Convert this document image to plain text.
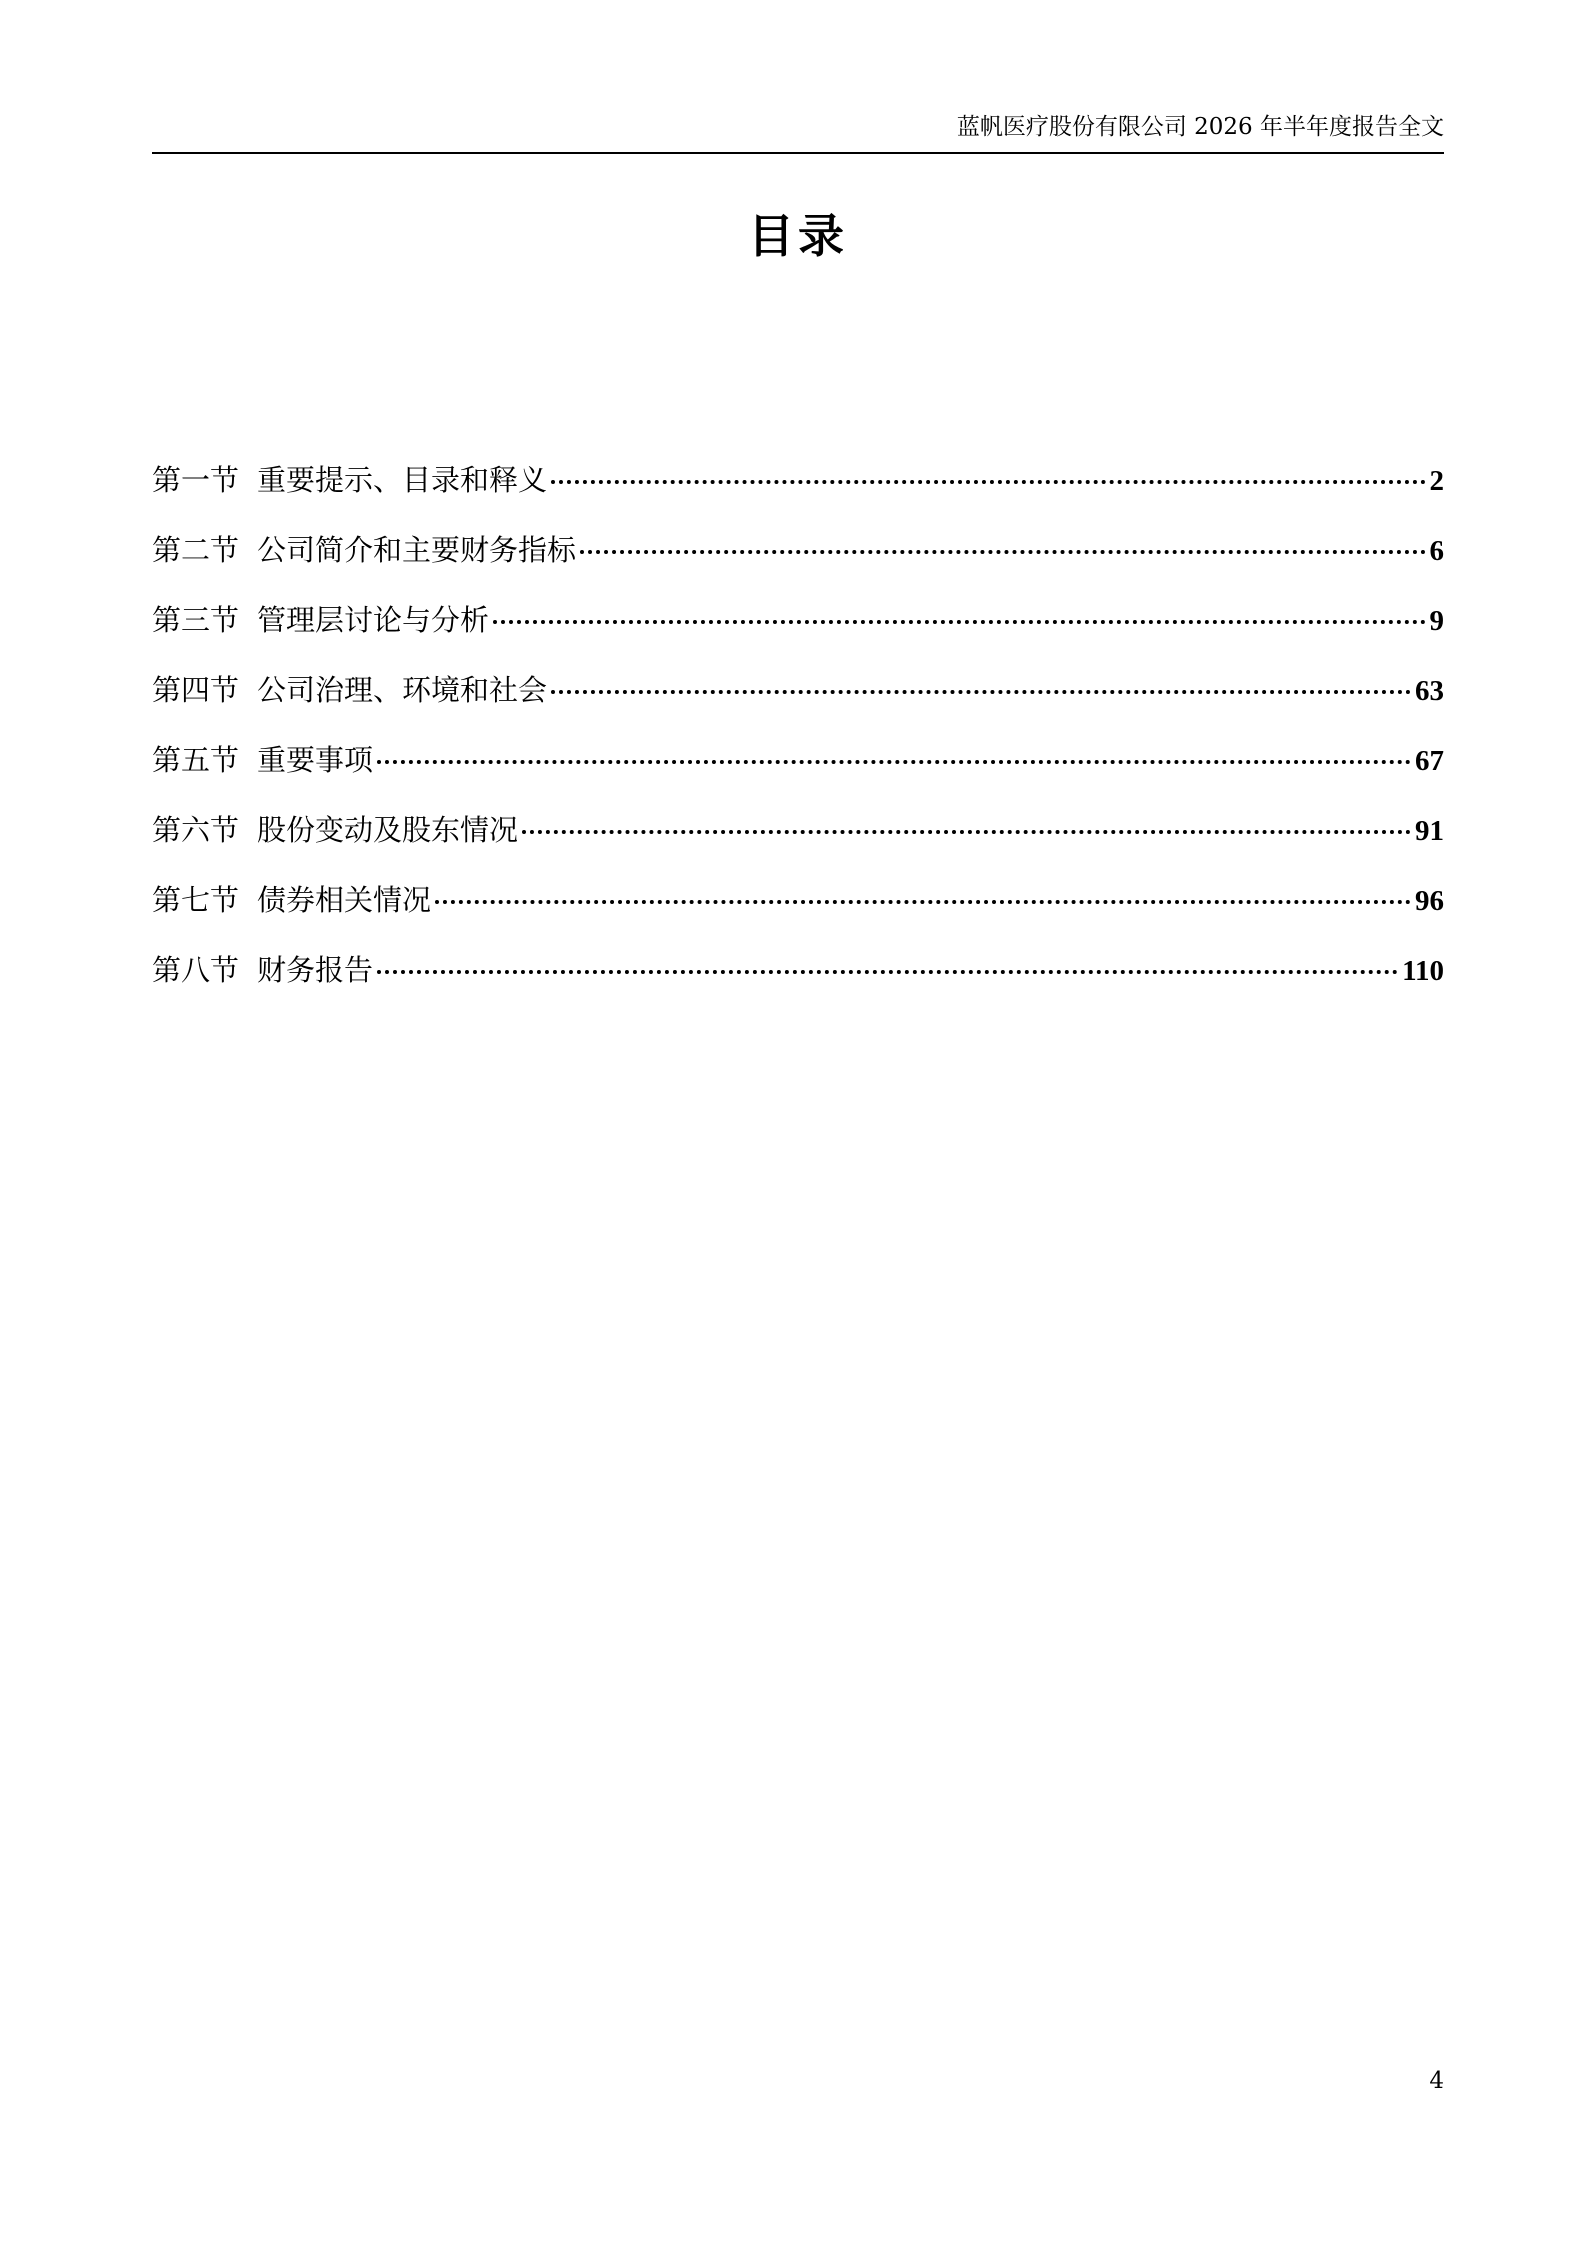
蓝帆医疗股份有限公司 2026 年半年度报告全文
目录
第一节 重要提示、目录和释义	2
第二节 公司简介和主要财务指标	6
第三节 管理层讨论与分析	9
第四节 公司治理、环境和社会	63
第五节 重要事项	67
第六节 股份变动及股东情况	91
第七节 债券相关情况	96
第八节 财务报告	110
4
